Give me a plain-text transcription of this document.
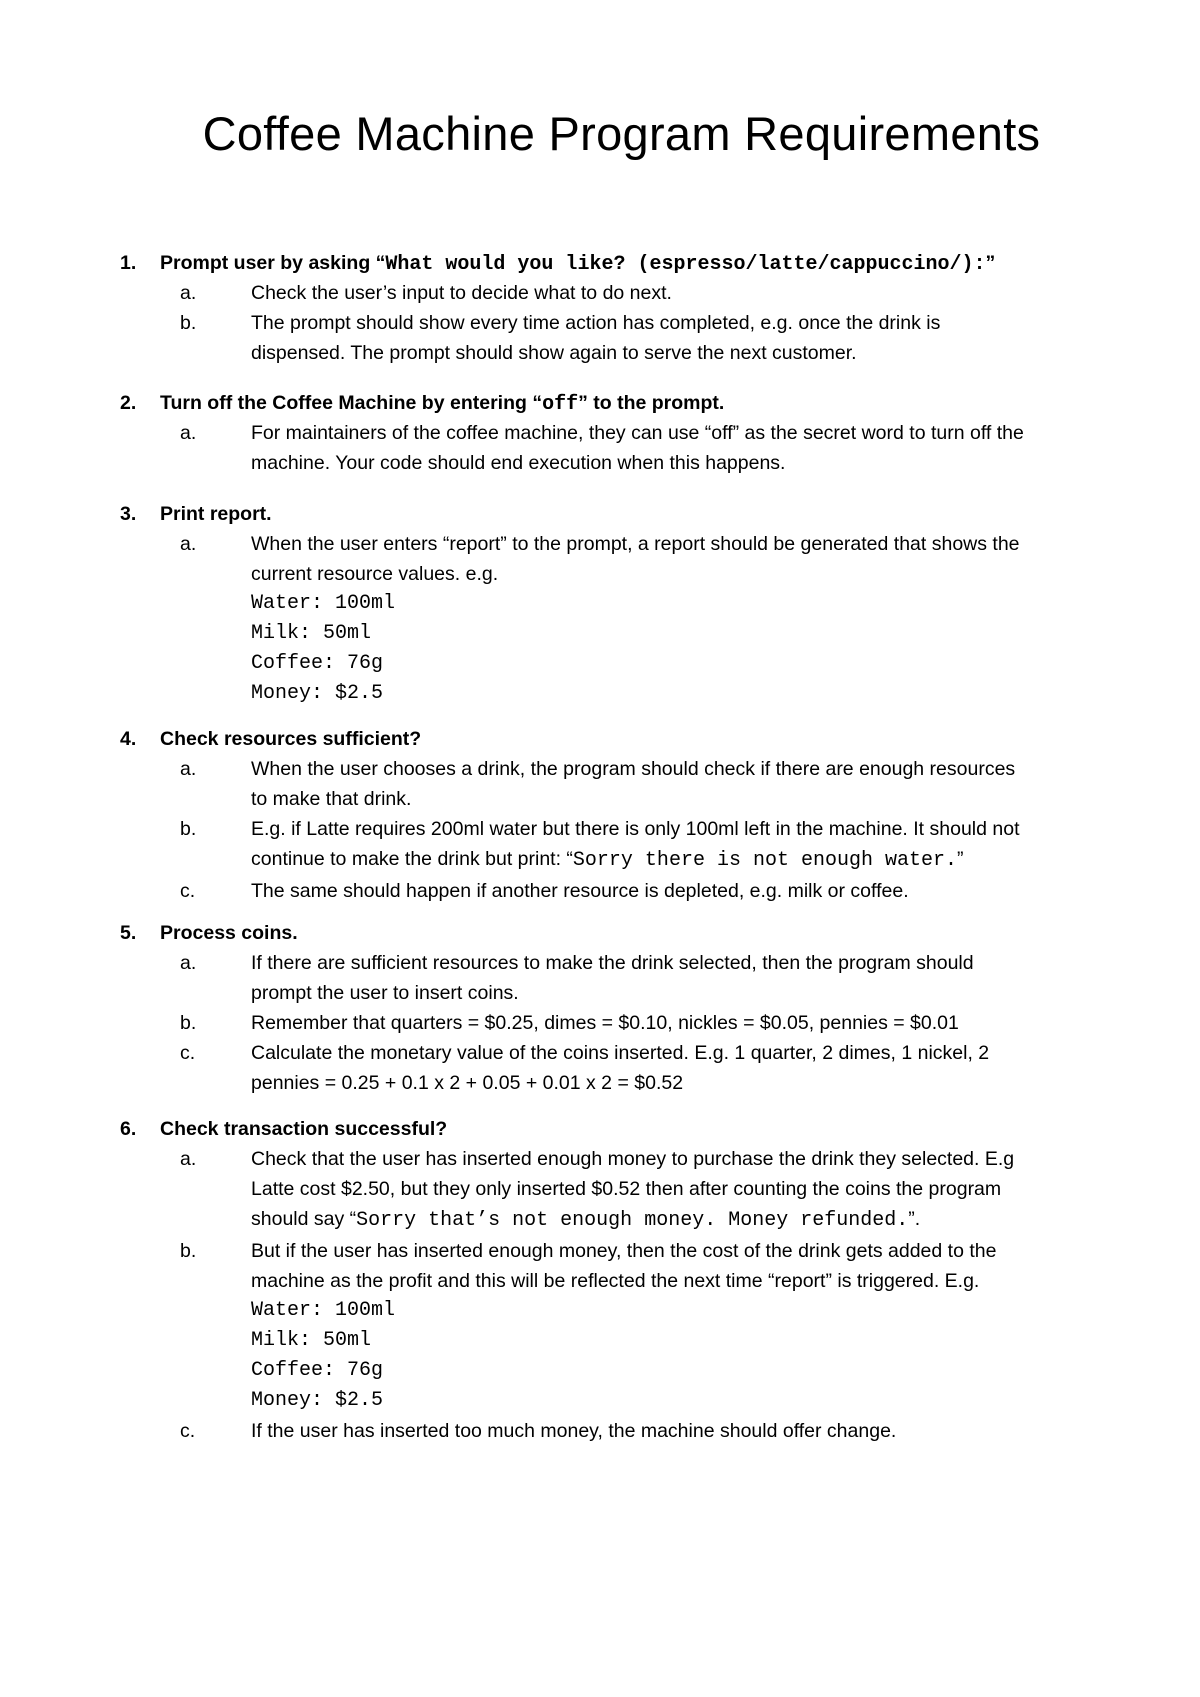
Coffee Machine Program Requirements
1. Prompt user by asking “What would you like? (espresso/latte/cappuccino/):”
a.	Check the user’s input to decide what to do next.
b.	The prompt should show every time action has completed, e.g. once the drink is
dispensed. The prompt should show again to serve the next customer.
2. Turn off the Coffee Machine by entering “off” to the prompt.
a.	For maintainers of the coffee machine, they can use “off” as the secret word to turn off the
machine. Your code should end execution when this happens.
3. Print report.
a.	When the user enters “report” to the prompt, a report should be generated that shows the
current resource values. e.g.
Water: 100ml
Milk: 50ml
Coffee: 76g
Money: $2.5
4. Check resources sufficient?
a.	When the user chooses a drink, the program should check if there are enough resources
to make that drink.
b.	E.g. if Latte requires 200ml water but there is only 100ml left in the machine. It should not
continue to make the drink but print: “Sorry there is not enough water.”
c.	The same should happen if another resource is depleted, e.g. milk or coffee.
5. Process coins.
a.	If there are sufficient resources to make the drink selected, then the program should
prompt the user to insert coins.
b.	Remember that quarters = $0.25, dimes = $0.10, nickles = $0.05, pennies = $0.01
c.	Calculate the monetary value of the coins inserted. E.g. 1 quarter, 2 dimes, 1 nickel, 2
pennies = 0.25 + 0.1 x 2 + 0.05 + 0.01 x 2 = $0.52
6. Check transaction successful?
a.	Check that the user has inserted enough money to purchase the drink they selected. E.g
Latte cost $2.50, but they only inserted $0.52 then after counting the coins the program
should say “Sorry that’s not enough money. Money refunded.”.
b.	But if the user has inserted enough money, then the cost of the drink gets added to the
machine as the profit and this will be reflected the next time “report” is triggered. E.g.
Water: 100ml
Milk: 50ml
Coffee: 76g
Money: $2.5
c.	If the user has inserted too much money, the machine should offer change.
